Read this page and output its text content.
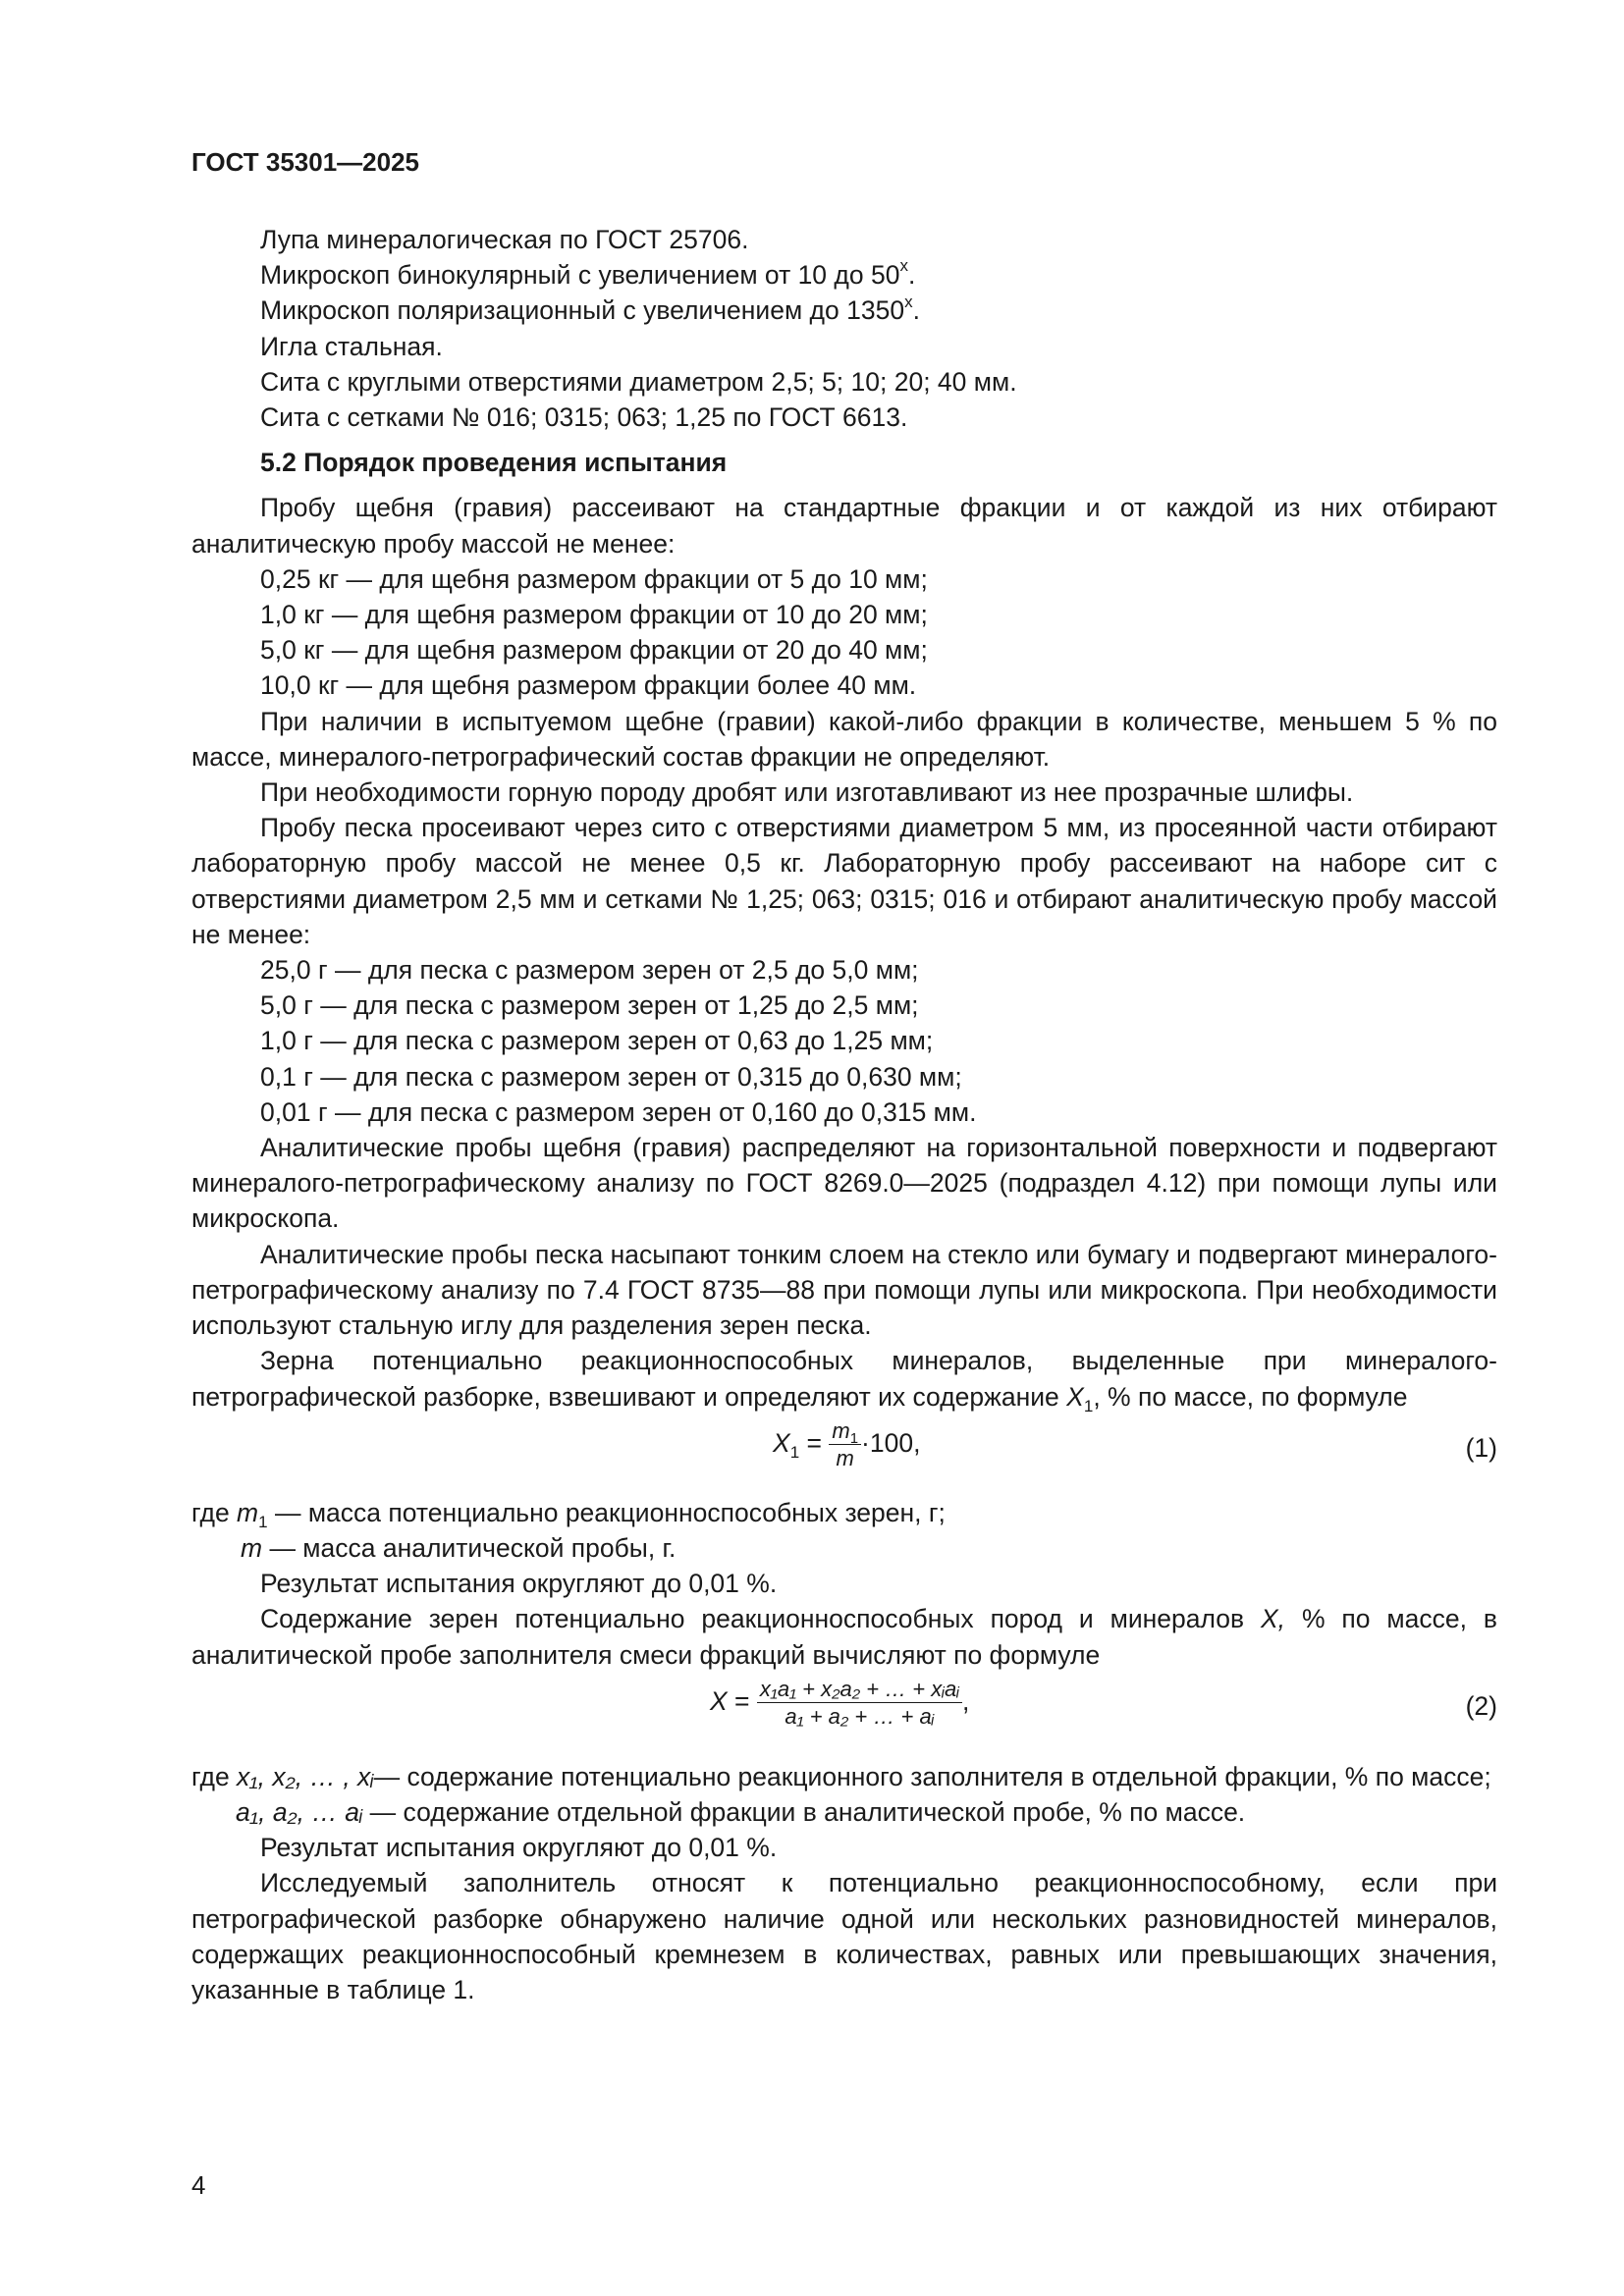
ГОСТ 35301—2025

Лупа минералогическая по ГОСТ 25706.

Микроскоп бинокулярный с увеличением от 10 до 50$^x$.

Микроскоп поляризационный с увеличением до 1350$^x$.

Игла стальная.

Сита с круглыми отверстиями диаметром 2,5; 5; 10; 20; 40 мм.

Сита с сетками № 016; 0315; 063; 1,25 по ГОСТ 6613.

5.2 Порядок проведения испытания

Пробу щебня (гравия) рассеивают на стандартные фракции и от каждой из них отбирают аналитическую пробу массой не менее:

0,25 кг — для щебня размером фракции от 5 до 10 мм;

1,0 кг — для щебня размером фракции от 10 до 20 мм;

5,0 кг — для щебня размером фракции от 20 до 40 мм;

10,0 кг — для щебня размером фракции более 40 мм.

При наличии в испытуемом щебне (гравии) какой-либо фракции в количестве, меньшем 5 % по массе, минералого-петрографический состав фракции не определяют.

При необходимости горную породу дробят или изготавливают из нее прозрачные шлифы.

Пробу песка просеивают через сито с отверстиями диаметром 5 мм, из просеянной части отбирают лабораторную пробу массой не менее 0,5 кг. Лабораторную пробу рассеивают на наборе сит с отверстиями диаметром 2,5 мм и сетками № 1,25; 063; 0315; 016 и отбирают аналитическую пробу массой не менее:

25,0 г — для песка с размером зерен от 2,5 до 5,0 мм;

5,0 г — для песка с размером зерен от 1,25 до 2,5 мм;

1,0 г — для песка с размером зерен от 0,63 до 1,25 мм;

0,1 г — для песка с размером зерен от 0,315 до 0,630 мм;

0,01 г — для песка с размером зерен от 0,160 до 0,315 мм.

Аналитические пробы щебня (гравия) распределяют на горизонтальной поверхности и подвергают минералого-петрографическому анализу по ГОСТ 8269.0—2025 (подраздел 4.12) при помощи лупы или микроскопа.

Аналитические пробы песка насыпают тонким слоем на стекло или бумагу и подвергают минералого-петрографическому анализу по 7.4 ГОСТ 8735—88 при помощи лупы или микроскопа. При необходимости используют стальную иглу для разделения зерен песка.

Зерна потенциально реакционноспособных минералов, выделенные при минералого-петрографической разборке, взвешивают и определяют их содержание $X_1$, % по массе, по формуле

$X_1 = \frac{m_1}{m} \cdot 100$,	(1)

где $m_1$ — масса потенциально реакционноспособных зерен, г;

m — масса аналитической пробы, г.

Результат испытания округляют до 0,01 %.

Содержание зерен потенциально реакционноспособных пород и минералов X, % по массе, в аналитической пробе заполнителя смеси фракций вычисляют по формуле

$X = \frac{\text{x₁a₁ + x₂a₂ + … + xᵢaᵢ}}{\text{a₁ + a₂ + … + aᵢ}}$ ,	(2)
где x₁, x₂, … , xᵢ — содержание потенциально реакционного заполнителя в отдельной фракции, % по массе;

a₁, a₂, … aᵢ — содержание отдельной фракции в аналитической пробе, % по массе.

Результат испытания округляют до 0,01 %.

Исследуемый заполнитель относят к потенциально реакционноспособному, если при петрографической разборке обнаружено наличие одной или нескольких разновидностей минералов, содержащих реакционноспособный кремнезем в количествах, равных или превышающих значения, указанные в таблице 1.

4
